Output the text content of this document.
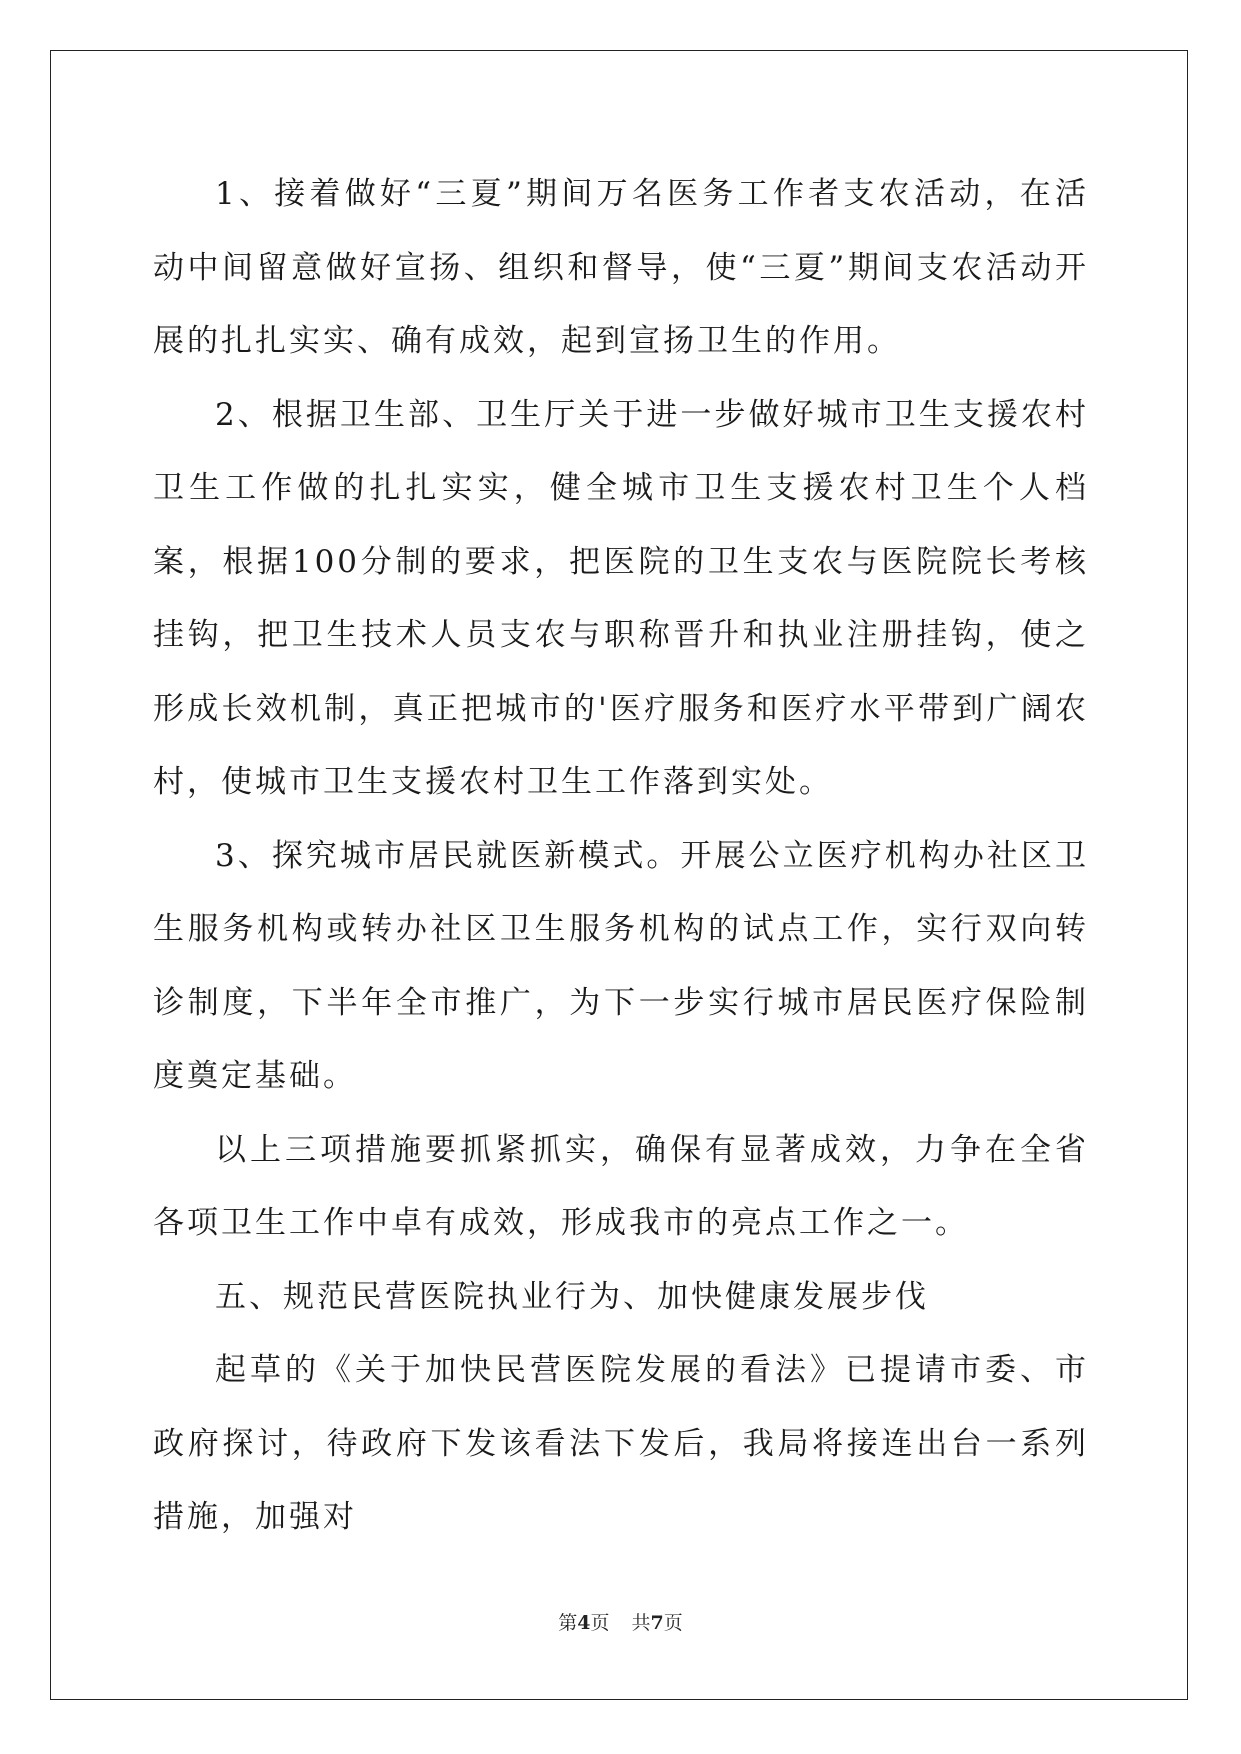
1、接着做好“三夏”期间万名医务工作者支农活动，在活动中间留意做好宣扬、组织和督导，使“三夏”期间支农活动开展的扎扎实实、确有成效，起到宣扬卫生的作用。

2、根据卫生部、卫生厅关于进一步做好城市卫生支援农村卫生工作做的扎扎实实，健全城市卫生支援农村卫生个人档案，根据100分制的要求，把医院的卫生支农与医院院长考核挂钩，把卫生技术人员支农与职称晋升和执业注册挂钩，使之形成长效机制，真正把城市的'医疗服务和医疗水平带到广阔农村，使城市卫生支援农村卫生工作落到实处。

3、探究城市居民就医新模式。开展公立医疗机构办社区卫生服务机构或转办社区卫生服务机构的试点工作，实行双向转诊制度，下半年全市推广，为下一步实行城市居民医疗保险制度奠定基础。

以上三项措施要抓紧抓实，确保有显著成效，力争在全省各项卫生工作中卓有成效，形成我市的亮点工作之一。

五、规范民营医院执业行为、加快健康发展步伐

起草的《关于加快民营医院发展的看法》已提请市委、市政府探讨，待政府下发该看法下发后，我局将接连出台一系列措施，加强对

第4页 共7页
